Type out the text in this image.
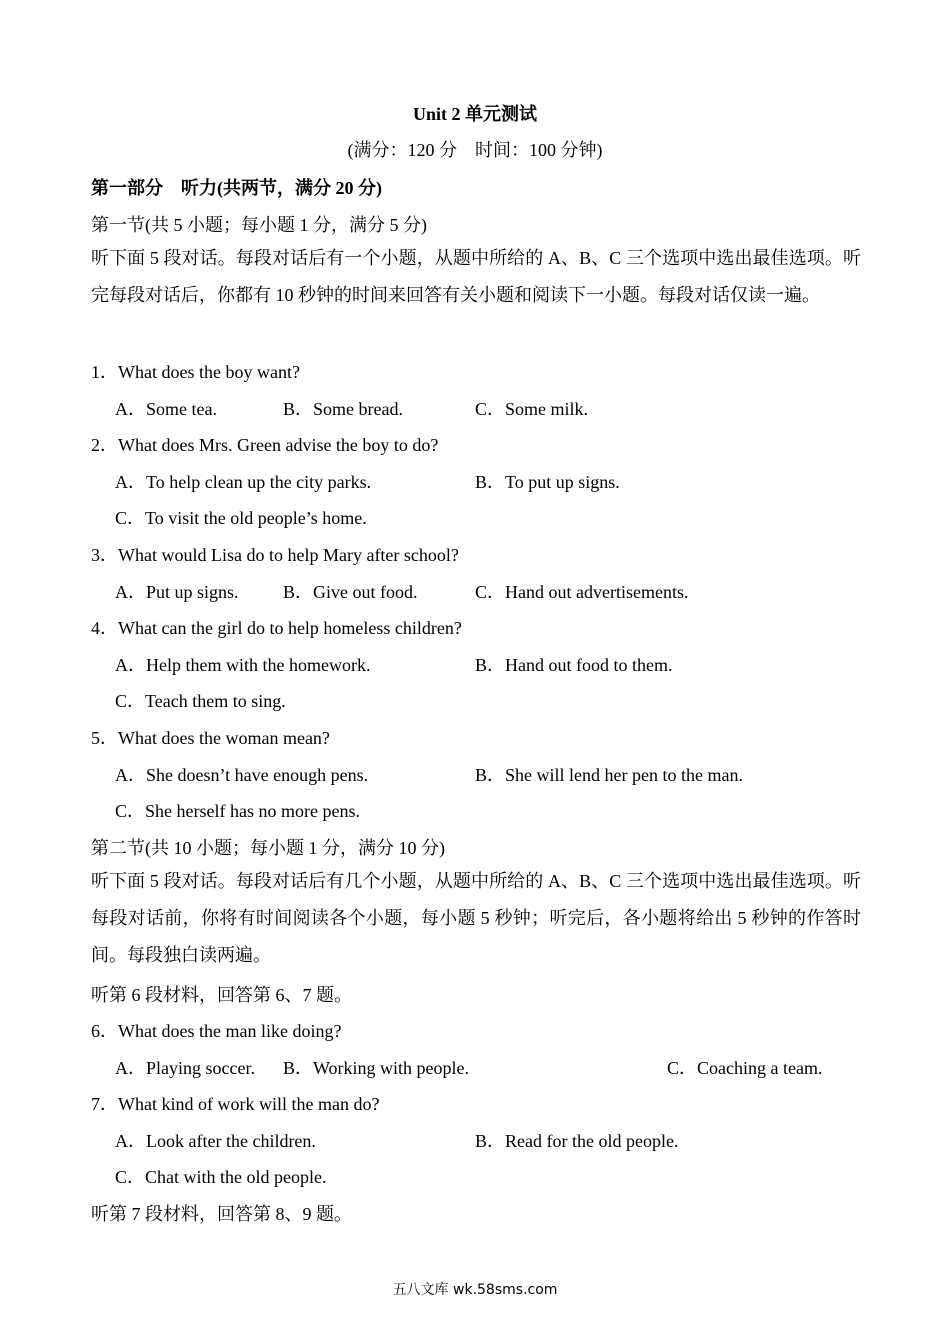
Unit 2 单元测试
(满分：120 分　时间：100 分钟)
第一部分　听力(共两节，满分 20 分)
第一节(共 5 小题；每小题 1 分，满分 5 分)
听下面 5 段对话。每段对话后有一个小题，从题中所给的 A、B、C 三个选项中选出最佳选项。听完每段对话后，你都有 10 秒钟的时间来回答有关小题和阅读下一小题。每段对话仅读一遍。
1．What does the boy want?
A．Some tea.	B．Some bread.	C．Some milk.
2．What does Mrs. Green advise the boy to do?
A．To help clean up the city parks.	B．To put up signs.
C．To visit the old people’s home.
3．What would Lisa do to help Mary after school?
A．Put up signs. B．Give out food.	C．Hand out advertisements.
4．What can the girl do to help homeless children?
A．Help them with the homework.	B．Hand out food to them.
C．Teach them to sing.
5．What does the woman mean?
A．She doesn’t have enough pens.	B．She will lend her pen to the man.
C．She herself has no more pens.
第二节(共 10 小题；每小题 1 分，满分 10 分)
听下面 5 段对话。每段对话后有几个小题，从题中所给的 A、B、C 三个选项中选出最佳选项。听每段对话前，你将有时间阅读各个小题，每小题 5 秒钟；听完后，各小题将给出 5 秒钟的作答时间。每段独白读两遍。
听第 6 段材料，回答第 6、7 题。
6．What does the man like doing?
A．Playing soccer. B．Working with people.	C．Coaching a team.
7．What kind of work will the man do?
A．Look after the children.	B．Read for the old people.
C．Chat with the old people.
听第 7 段材料，回答第 8、9 题。
五八文库 wk.58sms.com
